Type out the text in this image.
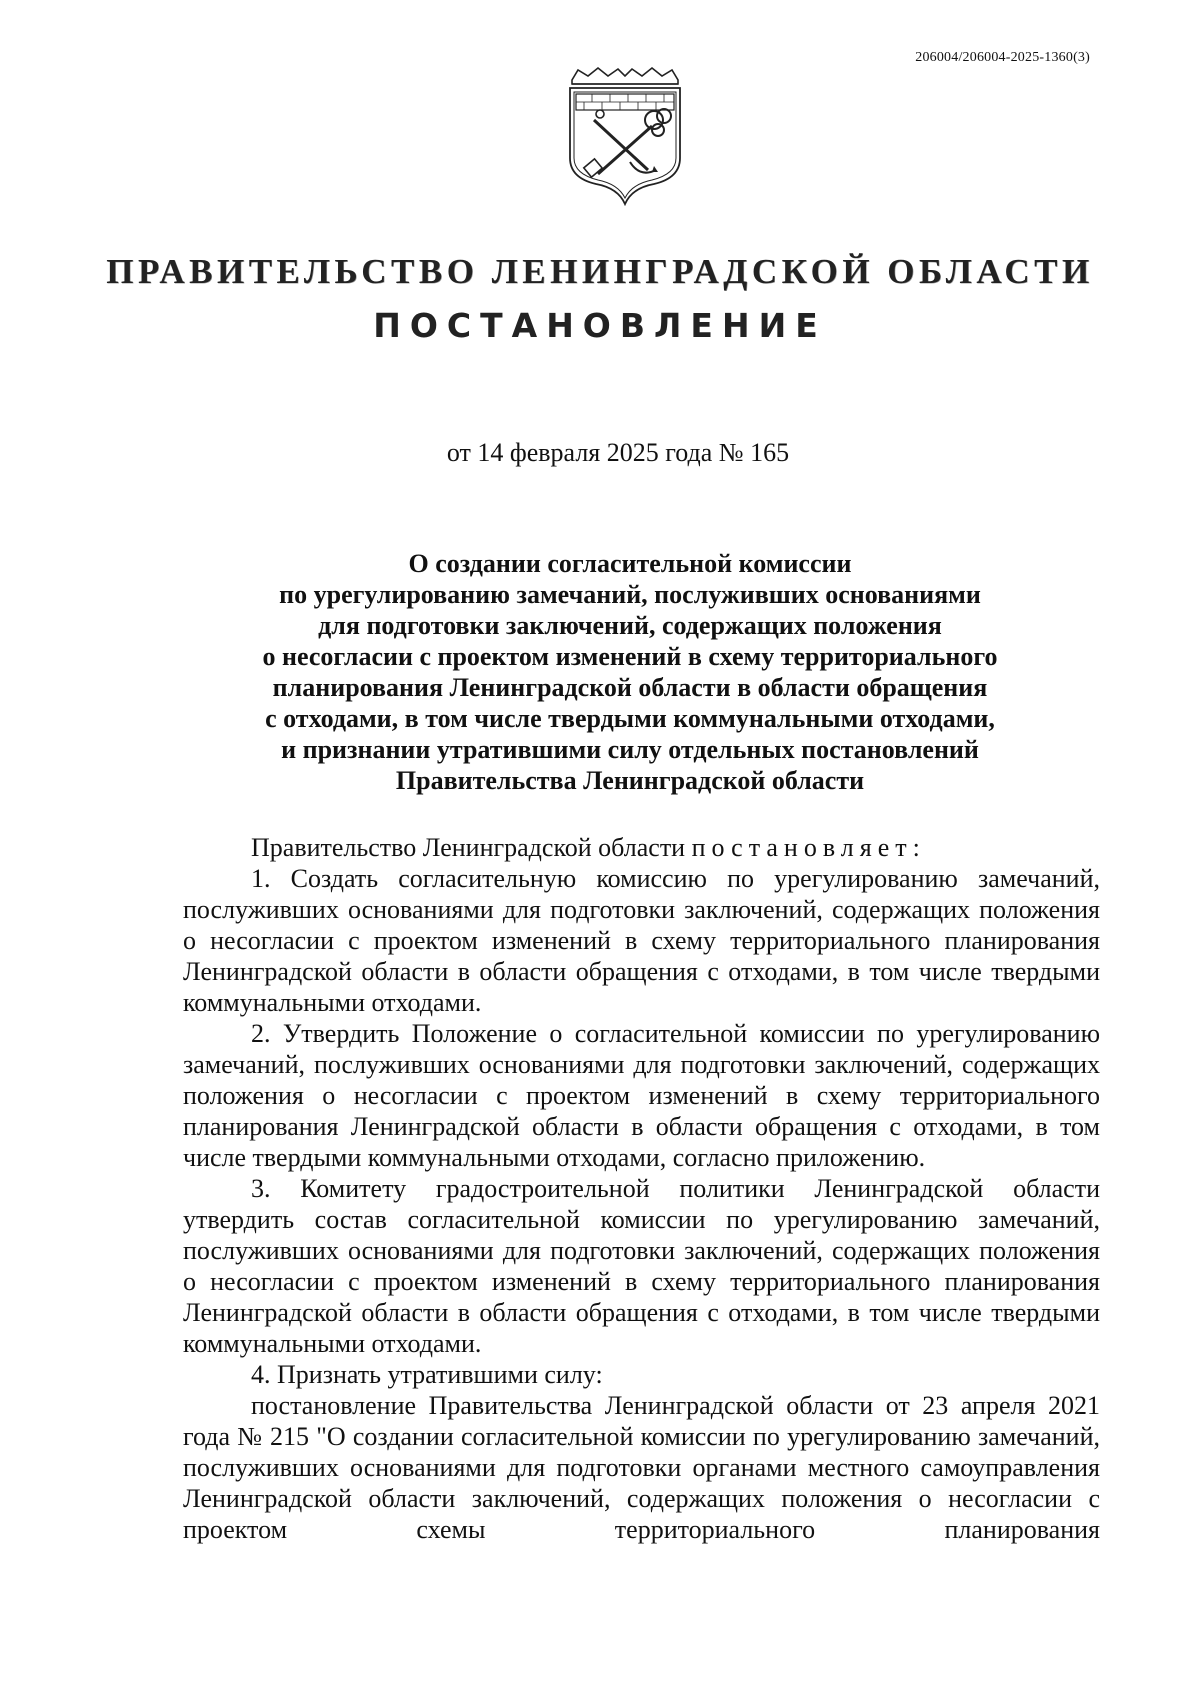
206004/206004-2025-1360(3)
ПРАВИТЕЛЬСТВО ЛЕНИНГРАДСКОЙ ОБЛАСТИ
ПОСТАНОВЛЕНИЕ
от 14 февраля 2025 года № 165
О создании согласительной комиссии
по урегулированию замечаний, послуживших основаниями
для подготовки заключений, содержащих положения
о несогласии с проектом изменений в схему территориального
планирования Ленинградской области в области обращения
с отходами, в том числе твердыми коммунальными отходами,
и признании утратившими силу отдельных постановлений
Правительства Ленинградской области

Правительство Ленинградской области постановляет:

1. Создать согласительную комиссию по урегулированию замечаний, послуживших основаниями для подготовки заключений, содержащих положения о несогласии с проектом изменений в схему территориального планирования Ленинградской области в области обращения с отходами, в том числе твердыми коммунальными отходами.

2. Утвердить Положение о согласительной комиссии по урегулированию замечаний, послуживших основаниями для подготовки заключений, содержащих положения о несогласии с проектом изменений в схему территориального планирования Ленинградской области в области обращения с отходами, в том числе твердыми коммунальными отходами, согласно приложению.

3. Комитету градостроительной политики Ленинградской области утвердить состав согласительной комиссии по урегулированию замечаний, послуживших основаниями для подготовки заключений, содержащих положения о несогласии с проектом изменений в схему территориального планирования Ленинградской области в области обращения с отходами, в том числе твердыми коммунальными отходами.

4. Признать утратившими силу:

постановление Правительства Ленинградской области от 23 апреля 2021 года № 215 "О создании согласительной комиссии по урегулированию замечаний, послуживших основаниями для подготовки органами местного самоуправления Ленинградской области заключений, содержащих положения о несогласии с проектом схемы территориального планирования
